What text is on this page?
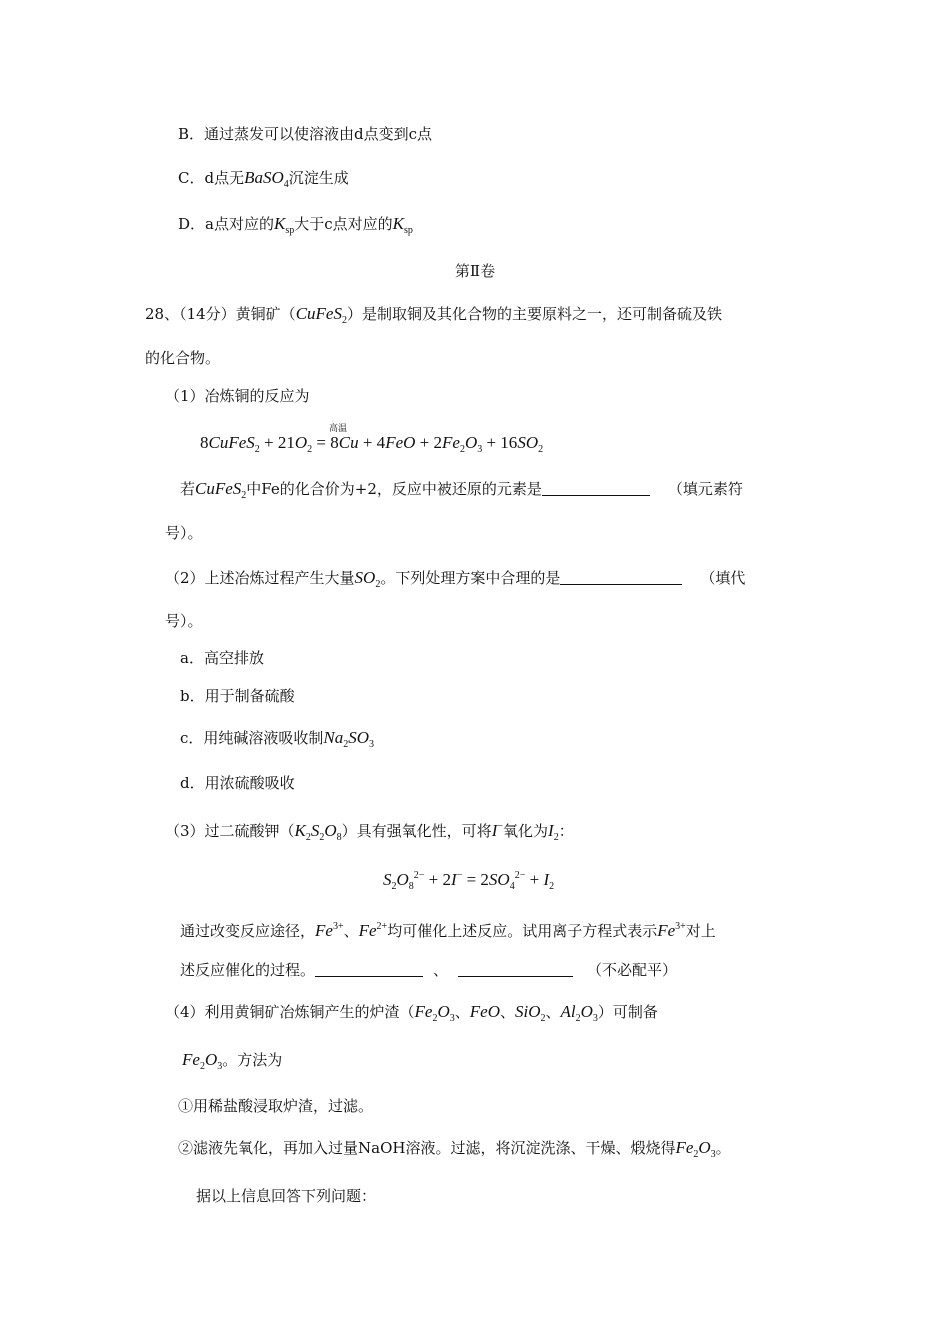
B．通过蒸发可以使溶液由d点变到c点
C．d点无BaSO$_4$沉淀生成
D．a点对应的$K_{sp}$大于c点对应的$K_{sp}$
第Ⅱ卷
28、（14分）黄铜矿（CuFeS$_2$）是制取铜及其化合物的主要原料之一，还可制备硫及铁
的化合物。
（1）冶炼铜的反应为
高温
8CuFeS$_2$ + $21O_2 = 8Cu + 4FeO + 2Fe_2O_3 + 16SO_2$
若CuFeS$_2$中Fe的化合价为+2，反应中被还原的元素是	（填元素符
号）。
（2）上述冶炼过程产生大量$SO_2$。下列处理方案中合理的是	（填代
号）。
a．高空排放
b．用于制备硫酸
c．用纯碱溶液吸收制$Na_2SO_3$
d．用浓硫酸吸收
（3）过二硫酸钾$(K_2S_2O_8)$具有强氧化性，可将I−氧化为$I_2$：
$S_2O_8^{2-} + 2I^- = 2SO_4^{2-} + I_2$
通过改变反应途径，$Fe^{3+}$、$Fe^{2+}$均可催化上述反应。试用离子方程式表示$Fe^{3+}$对上
述反应催化的过程。	、	（不必配平）
（4）利用黄铜矿冶炼铜产生的炉渣（$Fe_2O_3$、FeO、SiO$_2$、$Al_2O_3$）可制备
$Fe_2O_3$。方法为
①用稀盐酸浸取炉渣，过滤。
②滤液先氧化，再加入过量NaOH溶液。过滤，将沉淀洗涤、干燥、煅烧得$Fe_2O_3$。
据以上信息回答下列问题：
